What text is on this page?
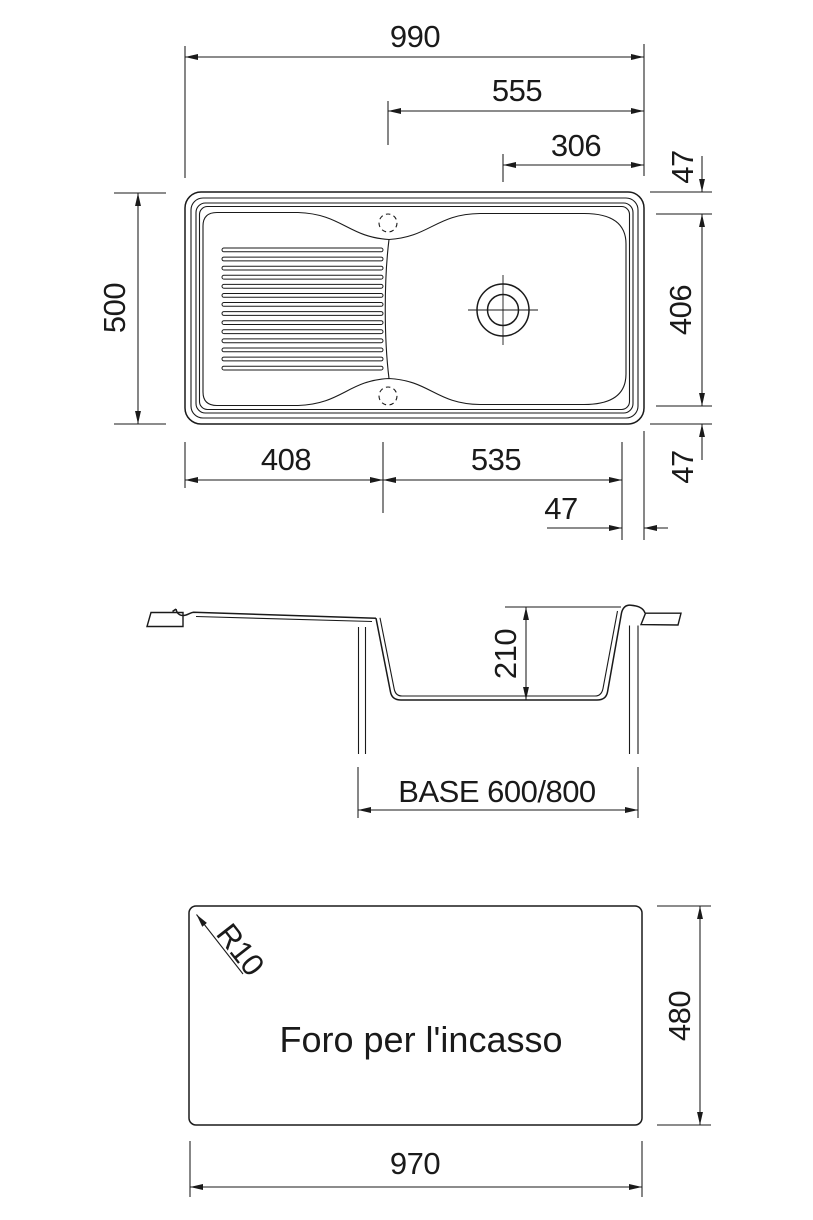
990
555
306
47
406
47
500
408	535
47
210
BASE 600/800
R10
Foro per l'incasso	480
970
